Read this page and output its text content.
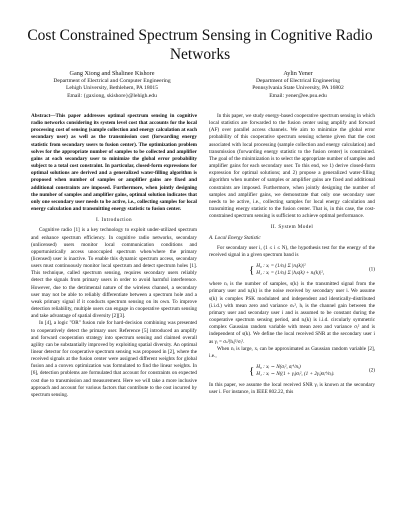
Cost Constrained Spectrum Sensing in Cognitive Radio Networks
Gang Xiong and Shalinee Kishore
Department of Electrical and Computer Engineering
Lehigh University, Bethlehem, PA 18015
Email: {gaxiong, skishore}@lehigh.edu
Aylin Yener
Department of Electrical Engineering
Pennsylvania State University, PA 16802
Email: yener@ee.psu.edu

Abstract—This paper addresses optimal spectrum sensing in cognitive radio networks considering its system level cost that accounts for the local processing cost of sensing (sample collection and energy calculation at each secondary user) as well as the transmission cost (forwarding energy statistic from secondary users to fusion center). The optimization problem solves for the appropriate number of samples to be collected and amplifier gains at each secondary user to minimize the global error probability subject to a total cost constraint. In particular, closed-form expressions for optimal solutions are derived and a generalized water-filling algorithm is proposed when number of samples or amplifier gains are fixed and additional constraints are imposed. Furthermore, when jointly designing the number of samples and amplifier gains, optimal solution indicates that only one secondary user needs to be active, i.e., collecting samples for local energy calculation and transmitting energy statistic to fusion center.

I. Introduction

Cognitive radio [1] is a key technology to exploit under-utilized spectrum and enhance spectrum efficiency. In cognitive radio networks, secondary (unlicensed) users monitor local communication conditions and opportunistically access unoccupied spectrum when/where the primary (licensed) user is inactive. To enable this dynamic spectrum access, secondary users must continuously monitor local spectrum and detect spectrum holes [1]. This technique, called spectrum sensing, requires secondary users reliably detect the signals from primary users in order to avoid harmful interference. However, due to the detrimental nature of the wireless channel, a secondary user may not be able to reliably differentiate between a spectrum hole and a weak primary signal if it conducts spectrum sensing on its own. To improve detection reliability, multiple users can engage in cooperative spectrum sensing and take advantage of spatial diversity [2][3].

In [4], a logic "OR" fusion rule for hard-decision combining was presented to cooperatively detect the primary user. Reference [5] introduced an amplify and forward cooperation strategy into spectrum sensing and claimed overall agility can be substantially improved by exploiting spatial diversity. An optimal linear detector for cooperative spectrum sensing was proposed in [2], where the received signals at the fusion center were assigned different weights for global fusion and a convex optimization was formulated to find the linear weights. In [6], detection problems are formulated that account for constraints on expected cost due to transmission and measurement. Here we will take a more inclusive approach and account for various factors that contribute to the cost incurred by spectrum sensing.

In this paper, we study energy-based cooperative spectrum sensing in which local statistics are forwarded to the fusion center using amplify and forward (AF) over parallel access channels. We aim to minimize the global error probability of this cooperative spectrum sensing scheme given that the cost associated with local processing (sample collection and energy calculation) and transmission (forwarding energy statistic to the fusion center) is constrained. The goal of the minimization is to select the appropriate number of samples and amplifier gains for each secondary user. To this end, we 1) derive closed-form expression for optimal solutions; and 2) propose a generalized water-filling algorithm when number of samples or amplifier gains are fixed and additional constraints are imposed. Furthermore, when jointly designing the number of samples and amplifier gains, we demonstrate that only one secondary user needs to be active, i.e., collecting samples for local energy calculation and transmitting energy statistic to the fusion center. That is, in this case, the cost-constrained spectrum sensing is sufficient to achieve optimal performance.

II. System Model
A. Local Energy Statistic

For secondary user i, (1 ≤ i ≤ N), the hypothesis test for the energy of the received signal in a given spectrum band is

{ H₀ : xᵢ = (1/nᵢ) Σ |nᵢ(k)|²
H₁ : xᵢ = (1/nᵢ) Σ |hᵢs(k) + nᵢ(k)|²,
(1)

where nᵢ is the number of samples, s(k) is the transmitted signal from the primary user and nᵢ(k) is the noise received by secondary user i. We assume s(k) is complex PSK modulated and independent and identically-distributed (i.i.d.) with mean zero and variance σₛ², hᵢ is the channel gain between the primary user and secondary user i and is assumed to be constant during the cooperative spectrum sensing period, and nᵢ(k) is i.i.d. circularly symmetric complex Gaussian random variable with mean zero and variance σᵢ² and is independent of s(k). We define the local received SNR at the secondary user i as γᵢ = σₛ²|hᵢ|²/σᵢ².

When nᵢ is large, xᵢ can be approximated as Gaussian random variable [2], i.e.,

{ H₀ : xᵢ ∼ N(σᵢ², σᵢ⁴/nᵢ)
H₁ : xᵢ ∼ N((1 + γᵢ)σᵢ², (1 + 2γᵢ)σᵢ⁴/nᵢ).
(2)

In this paper, we assume the local received SNR γᵢ is known at the secondary user i. For instance, in IEEE 802.22, this
